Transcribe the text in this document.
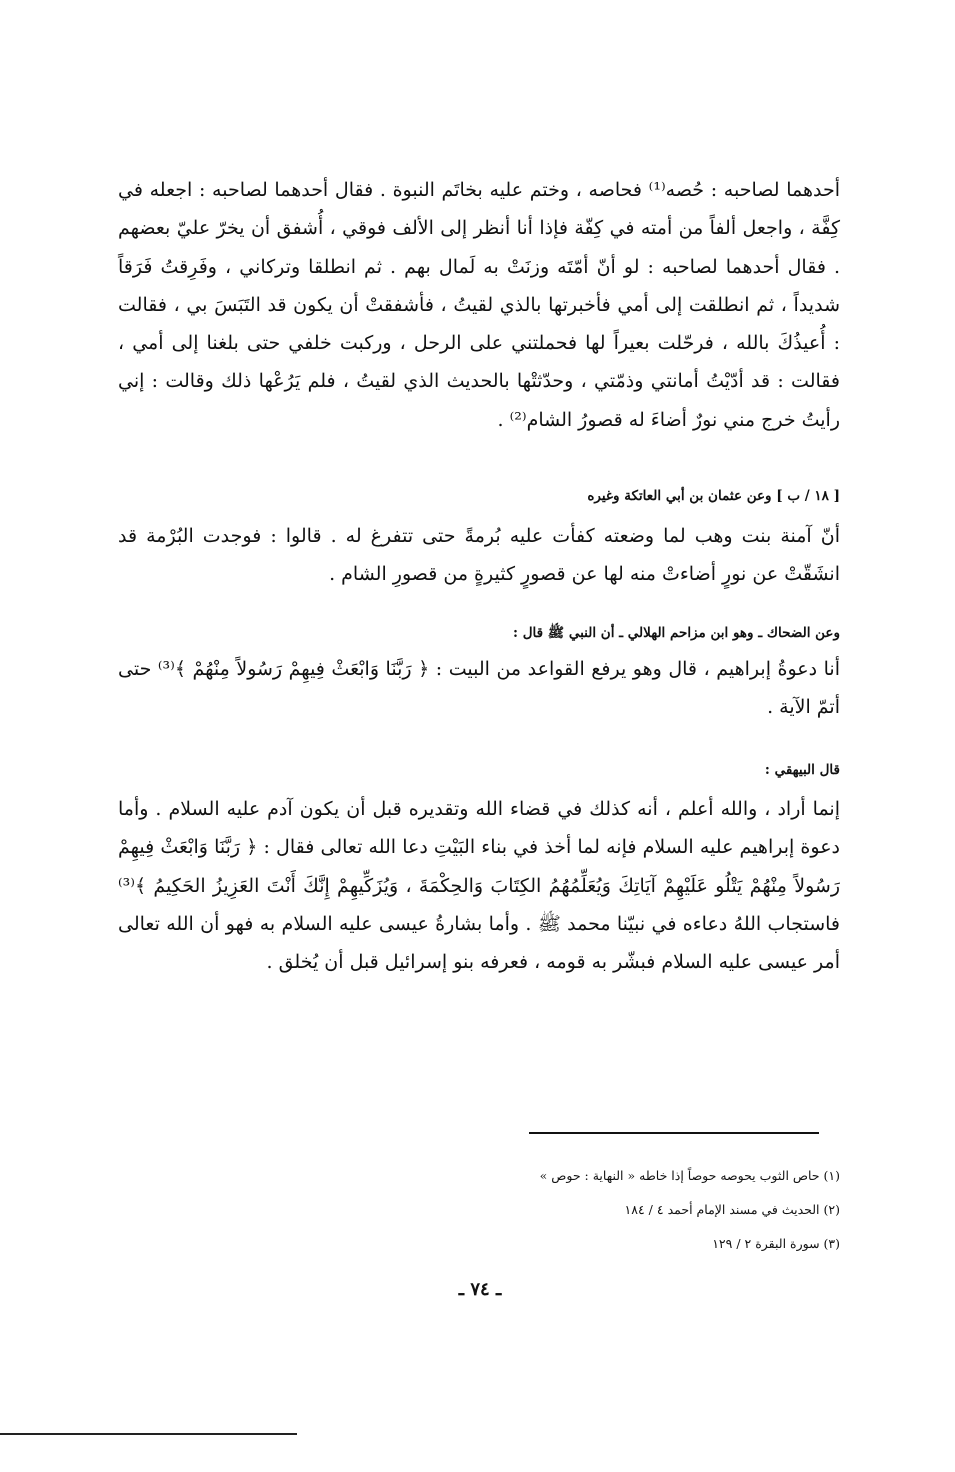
أحدهما لصاحبه : حُصه⁽¹⁾ فحاصه ، وختم عليه بخاتَم النبوة . فقال أحدهما لصاحبه : اجعله في كِفَّة ، واجعل ألفاً من أمته في كِفّة فإذا أنا أنظر إلى الألف فوقي ، أُشفق أن يخرّ عليّ بعضهم . فقال أحدهما لصاحبه : لو أنّ أمّتَه وزنَتْ به لَمال بهم . ثم انطلقا وتركاني ، وفَرِقتُ فَرَقاً شديداً ، ثم انطلقت إلى أمي فأخبرتها بالذي لقيتُ ، فأشفقتْ أن يكون قد التَبَسَ بي ، فقالت : أُعيذُكَ بالله ، فرحّلت بعيراً لها فحملتني على الرحل ، وركبت خلفي حتى بلغنا إلى أمي ، فقالت : قد أدّيْتُ أمانتي وذمّتي ، وحدّثتْها بالحديث الذي لقيتُ ، فلم يَرُعْها ذلك وقالت : إني رأيتُ خرج مني نورٌ أضاءَ له قصورُ الشام⁽²⁾ .

[ ١٨ / ب ] وعن عثمان بن أبي العاتكة وغيره

أنّ آمنة بنت وهب لما وضعته كفأت عليه بُرمةً حتى تتفرغ له . قالوا : فوجدت البُرْمة قد انشَقّتْ عن نورٍ أضاءتْ منه لها عن قصورٍ كثيرةٍ من قصورِ الشام .

وعن الضحاك ـ وهو ابن مزاحم الهلالي ـ أن النبي ﷺ قال :

أنا دعوةُ إبراهيم ، قال وهو يرفع القواعد من البيت : ﴿ رَبَّنَا وَابْعَثْ فِيهِمْ رَسُولاً مِنْهُمْ ﴾⁽³⁾ حتى أتمّ الآية .

قال البيهقي :

إنما أراد ، والله أعلم ، أنه كذلك في قضاء الله وتقديره قبل أن يكون آدم عليه السلام . وأما دعوة إبراهيم عليه السلام فإنه لما أخذ في بناء البَيْتِ دعا الله تعالى فقال : ﴿ رَبَّنَا وَابْعَثْ فِيهِمْ رَسُولاً مِنْهُمْ يَتْلُو عَلَيْهِمْ آيَاتِكَ وَيُعَلِّمُهُمُ الكِتَابَ وَالحِكْمَةَ ، وَيُزَكِّيهِمْ إِنَّكَ أَنْتَ العَزِيزُ الحَكِيمُ ﴾⁽³⁾ فاستجاب اللهُ دعاءه في نبيّنا محمد ﷺ . وأما بشارةُ عيسى عليه السلام به فهو أن الله تعالى أمر عيسى عليه السلام فبشّر به قومه ، فعرفه بنو إسرائيل قبل أن يُخلق .

(١) حاص الثوب يحوصه حوصاً إذا خاطه « النهاية : حوص »

(٢) الحديث في مسند الإمام أحمد ٤ / ١٨٤

(٣) سورة البقرة ٢ / ١٢٩

ـ ٧٤ ـ
